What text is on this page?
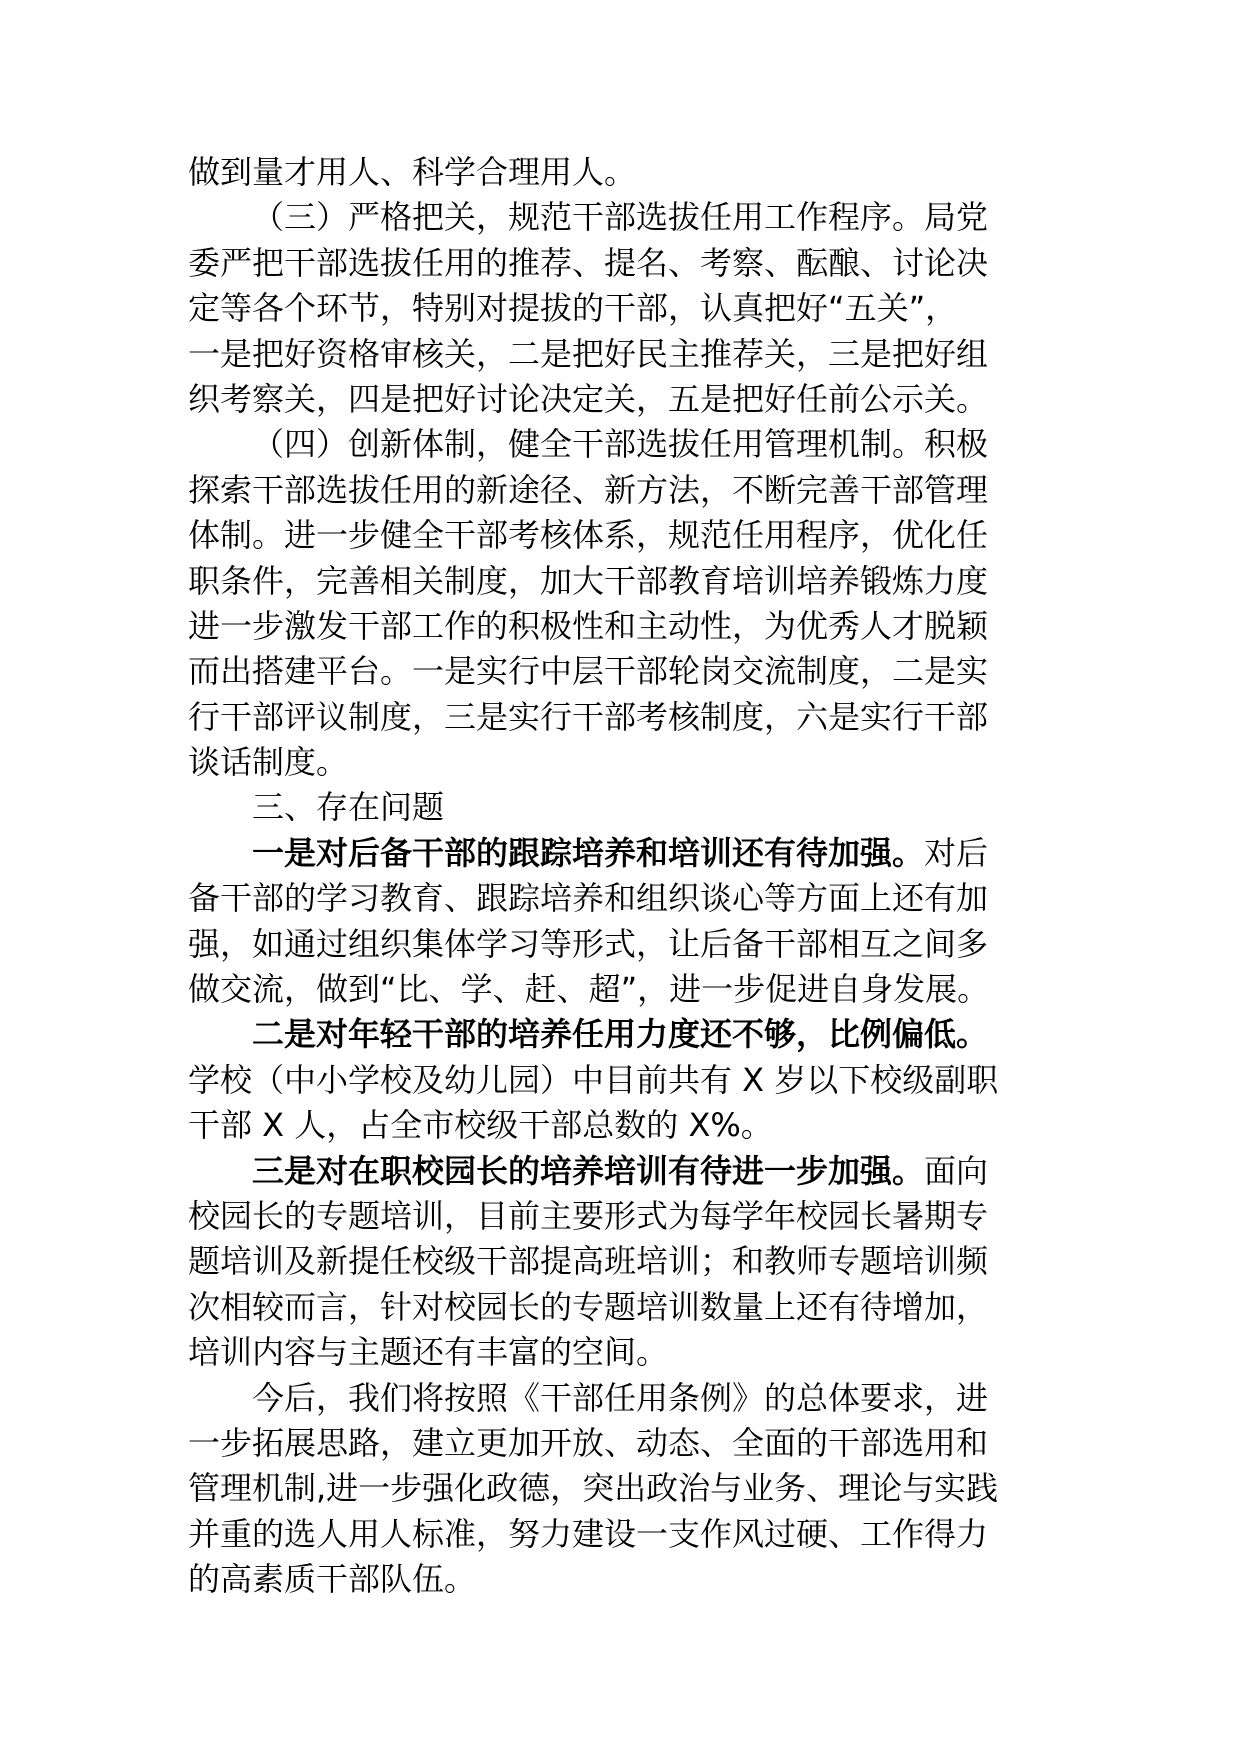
做到量才用人、科学合理用人。
（三）严格把关，规范干部选拔任用工作程序。局党
委严把干部选拔任用的推荐、提名、考察、酝酿、讨论决
定等各个环节，特别对提拔的干部，认真把好“五关”，
一是把好资格审核关，二是把好民主推荐关，三是把好组
织考察关，四是把好讨论决定关，五是把好任前公示关。
（四）创新体制，健全干部选拔任用管理机制。积极
探索干部选拔任用的新途径、新方法，不断完善干部管理
体制。进一步健全干部考核体系，规范任用程序，优化任
职条件，完善相关制度，加大干部教育培训培养锻炼力度
进一步激发干部工作的积极性和主动性，为优秀人才脱颖
而出搭建平台。一是实行中层干部轮岗交流制度，二是实
行干部评议制度，三是实行干部考核制度，六是实行干部
谈话制度。
三、存在问题
一是对后备干部的跟踪培养和培训还有待加强。对后
备干部的学习教育、跟踪培养和组织谈心等方面上还有加
强，如通过组织集体学习等形式，让后备干部相互之间多
做交流，做到“比、学、赶、超”，进一步促进自身发展。
二是对年轻干部的培养任用力度还不够，比例偏低。
学校（中小学校及幼儿园）中目前共有 X 岁以下校级副职
干部 X 人，占全市校级干部总数的 X%。
三是对在职校园长的培养培训有待进一步加强。面向
校园长的专题培训，目前主要形式为每学年校园长暑期专
题培训及新提任校级干部提高班培训；和教师专题培训频
次相较而言，针对校园长的专题培训数量上还有待增加，
培训内容与主题还有丰富的空间。
今后，我们将按照《干部任用条例》的总体要求，进
一步拓展思路，建立更加开放、动态、全面的干部选用和
管理机制,进一步强化政德，突出政治与业务、理论与实践
并重的选人用人标准，努力建设一支作风过硬、工作得力
的高素质干部队伍。
